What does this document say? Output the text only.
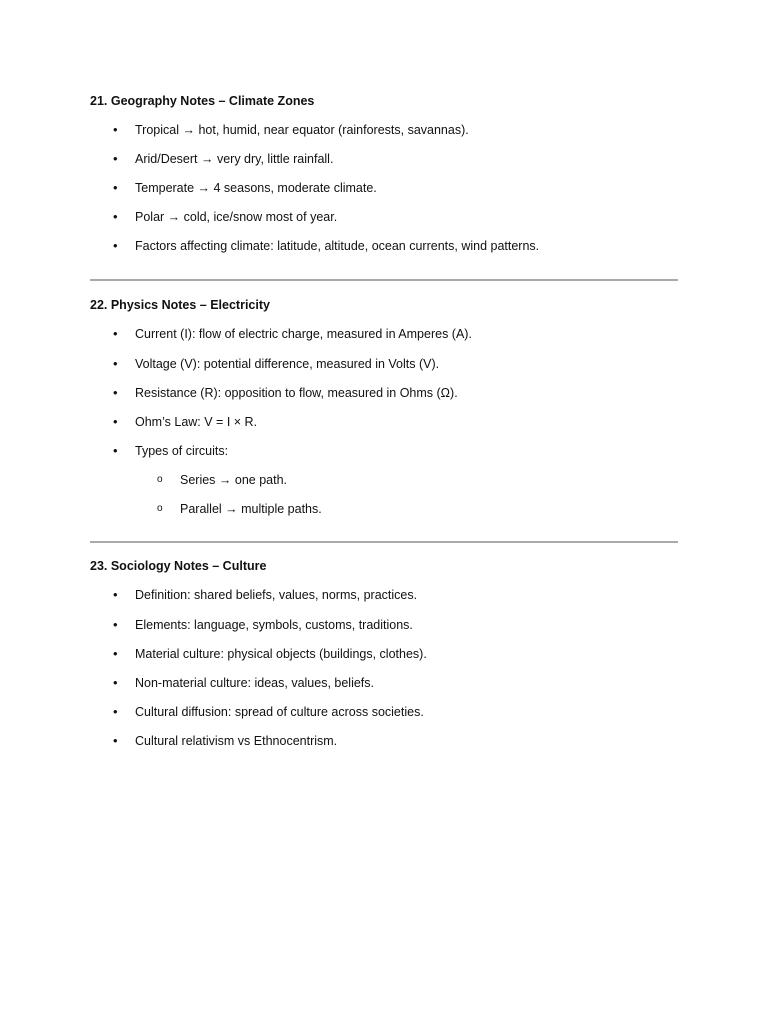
21. Geography Notes – Climate Zones
• Tropical → hot, humid, near equator (rainforests, savannas).
• Arid/Desert → very dry, little rainfall.
• Temperate → 4 seasons, moderate climate.
• Polar → cold, ice/snow most of year.
• Factors affecting climate: latitude, altitude, ocean currents, wind patterns.
22. Physics Notes – Electricity
• Current (I): flow of electric charge, measured in Amperes (A).
• Voltage (V): potential difference, measured in Volts (V).
• Resistance (R): opposition to flow, measured in Ohms (Ω).
• Ohm’s Law: V = I × R.
• Types of circuits:
o Series → one path.
o Parallel → multiple paths.
23. Sociology Notes – Culture
• Definition: shared beliefs, values, norms, practices.
• Elements: language, symbols, customs, traditions.
• Material culture: physical objects (buildings, clothes).
• Non-material culture: ideas, values, beliefs.
• Cultural diffusion: spread of culture across societies.
• Cultural relativism vs Ethnocentrism.
